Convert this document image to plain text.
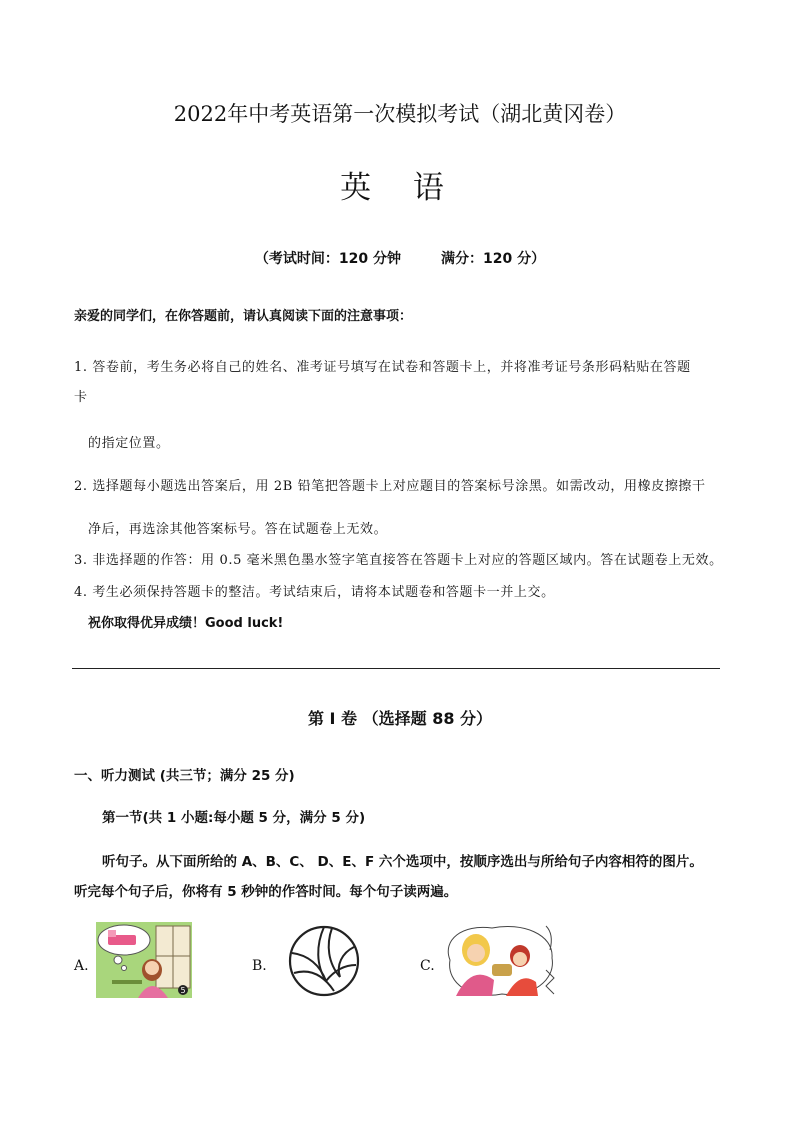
2022年中考英语第一次模拟考试（湖北黄冈卷）
英 语
（考试时间：120 分钟	满分：120 分）
亲爱的同学们，在你答题前，请认真阅读下面的注意事项：
1. 答卷前，考生务必将自己的姓名、准考证号填写在试卷和答题卡上，并将准考证号条形码粘贴在答题
卡
的指定位置。
2. 选择题每小题选出答案后，用 2B 铅笔把答题卡上对应题目的答案标号涂黑。如需改动，用橡皮擦擦干
净后，再选涂其他答案标号。答在试题卷上无效。
3. 非选择题的作答：用 0.5 毫米黑色墨水签字笔直接答在答题卡上对应的答题区域内。答在试题卷上无效。
4. 考生必须保持答题卡的整洁。考试结束后，请将本试题卷和答题卡一并上交。
祝你取得优异成绩！Good luck!
第 I 卷 （选择题 88 分）
一、听力测试 (共三节；满分 25 分)
第一节(共 1 小题:每小题 5 分，满分 5 分)
听句子。从下面所给的 A、B、C、 D、E、F 六个选项中，按顺序选出与所给句子内容相符的图片。
听完每个句子后，你将有 5 秒钟的作答时间。每个句子读两遍。
A.
5
B.	C.
